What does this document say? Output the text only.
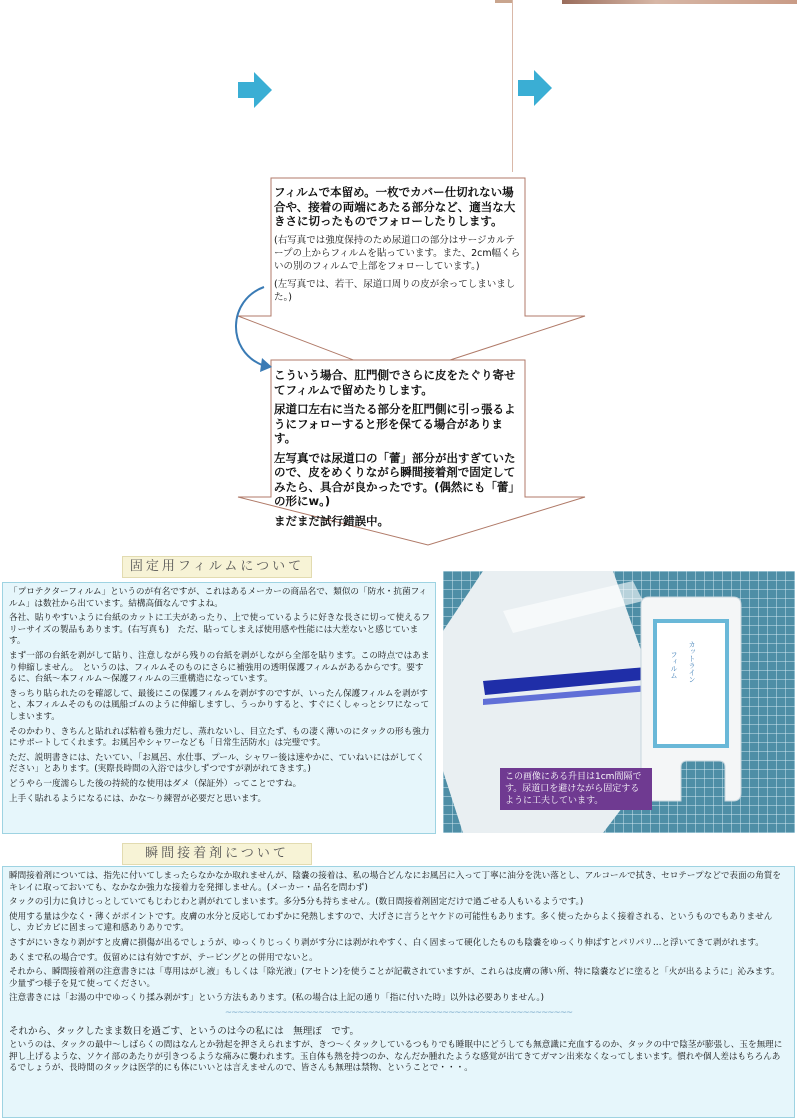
フィルムで本留め。一枚でカバー仕切れない場合や、接着の両端にあたる部分など、適当な大きさに切ったものでフォローしたりします。

(右写真では強度保持のため尿道口の部分はサージカルテープの上からフィルムを貼っています。また、2cm幅くらいの別のフィルムで上部をフォローしています。)

(左写真では、若干、尿道口周りの皮が余ってしまいました。)

こういう場合、肛門側でさらに皮をたぐり寄せてフィルムで留めたりします。

尿道口左右に当たる部分を肛門側に引っ張るようにフォローすると形を保てる場合があります。

左写真では尿道口の「蕾」部分が出すぎていたので、皮をめくりながら瞬間接着剤で固定してみたら、具合が良かったです。(偶然にも「蕾」の形にw。)

まだまだ試行錯誤中。

固定用フィルムについて

「プロテクターフィルム」というのが有名ですが、これはあるメーカーの商品名で、類似の「防水・抗菌フィルム」は数社から出ています。結構高価なんですよね。

各社、貼りやすいように台紙のカットに工夫があったり、上で使っているように好きな長さに切って使えるフリーサイズの製品もあります。(右写真も)　ただ、貼ってしまえば使用感や性能には大差ないと感じています。

まず一部の台紙を剥がして貼り、注意しながら残りの台紙を剥がしながら全部を貼ります。この時点ではあまり伸縮しません。　というのは、フィルムそのものにさらに補強用の透明保護フィルムがあるからです。要するに、台紙～本フィルム～保護フィルムの三重構造になっています。

きっちり貼られたのを確認して、最後にこの保護フィルムを剥がすのですが、いったん保護フィルムを剥がすと、本フィルムそのものは風船ゴムのように伸縮しますし、うっかりすると、すぐにくしゃっとシワになってしまいます。

そのかわり、きちんと貼れれば粘着も強力だし、蒸れないし、目立たず、もの凄く薄いのにタックの形も強力にサポートしてくれます。お風呂やシャワーなども「日常生活防水」は完璧です。

ただ、説明書きには、たいてい、「お風呂、水仕事、プール、シャワー後は速やかに、ていねいにはがしてください」とあります。(実際長時間の入浴では少しずつですが剥がれてきます。)

どうやら一度濡らした後の持続的な使用はダメ（保証外）ってことですね。

上手く貼れるようになるには、かな～り練習が必要だと思います。

カットライン
フィルム
この画像にある升目は1cm間隔です。尿道口を避けながら固定するように工夫しています。
瞬間接着剤について

瞬間接着剤については、指先に付いてしまったらなかなか取れませんが、陰嚢の接着は、私の場合どんなにお風呂に入って丁寧に油分を洗い落とし、アルコールで拭き、セロテープなどで表面の角質をキレイに取っておいても、なかなか強力な接着力を発揮しません。(メーカー・品名を問わず)

タックの引力に負けじっとしていてもじわじわと剥がれてしまいます。多分5分も持ちません。(数日間接着剤固定だけで過ごせる人もいるようです。)

使用する量は少なく・薄くがポイントです。皮膚の水分と反応してわずかに発熱しますので、大げさに言うとヤケドの可能性もあります。多く使ったからよく接着される、というものでもありませんし、カピカピに固まって違和感ありありです。

さすがにいきなり剥がすと皮膚に損傷が出るでしょうが、ゆっくりじっくり剥がす分には剥がれやすく、白く固まって硬化したものも陰嚢をゆっくり伸ばすとパリパリ…と浮いてきて剥がれます。

あくまで私の場合です。仮留めには有効ですが、テーピングとの併用でないと。

それから、瞬間接着剤の注意書きには「専用はがし液」もしくは「除光液」(アセトン)を使うことが記載されていますが、これらは皮膚の薄い所、特に陰嚢などに塗ると「火が出るように」沁みます。少量ずつ様子を見て使ってください。

注意書きには「お湯の中でゆっくり揉み剥がす」という方法もあります。(私の場合は上記の通り「指に付いた時」以外は必要ありません。)

~~~~~~~~~~~~~~~~~~~~~~~~~~~~~~~~~~~~~~~~~~~~~~~~~~~~~~~~

それから、タックしたまま数日を過ごす、というのは今の私には　無理ぽ　です。

というのは、タックの最中～しばらくの間はなんとか勃起を押さえられますが、きつ～くタックしているつもりでも睡眠中にどうしても無意識に充血するのか、タックの中で陰茎が膨張し、玉を無理に押し上げるような、ソケイ部のあたりが引きつるような痛みに襲われます。玉自体も熱を持つのか、なんだか腫れたような感覚が出てきてガマン出来なくなってしまいます。慣れや個人差はもちろんあるでしょうが、長時間のタックは医学的にも体にいいとは言えませんので、皆さんも無理は禁物、ということで・・・。
